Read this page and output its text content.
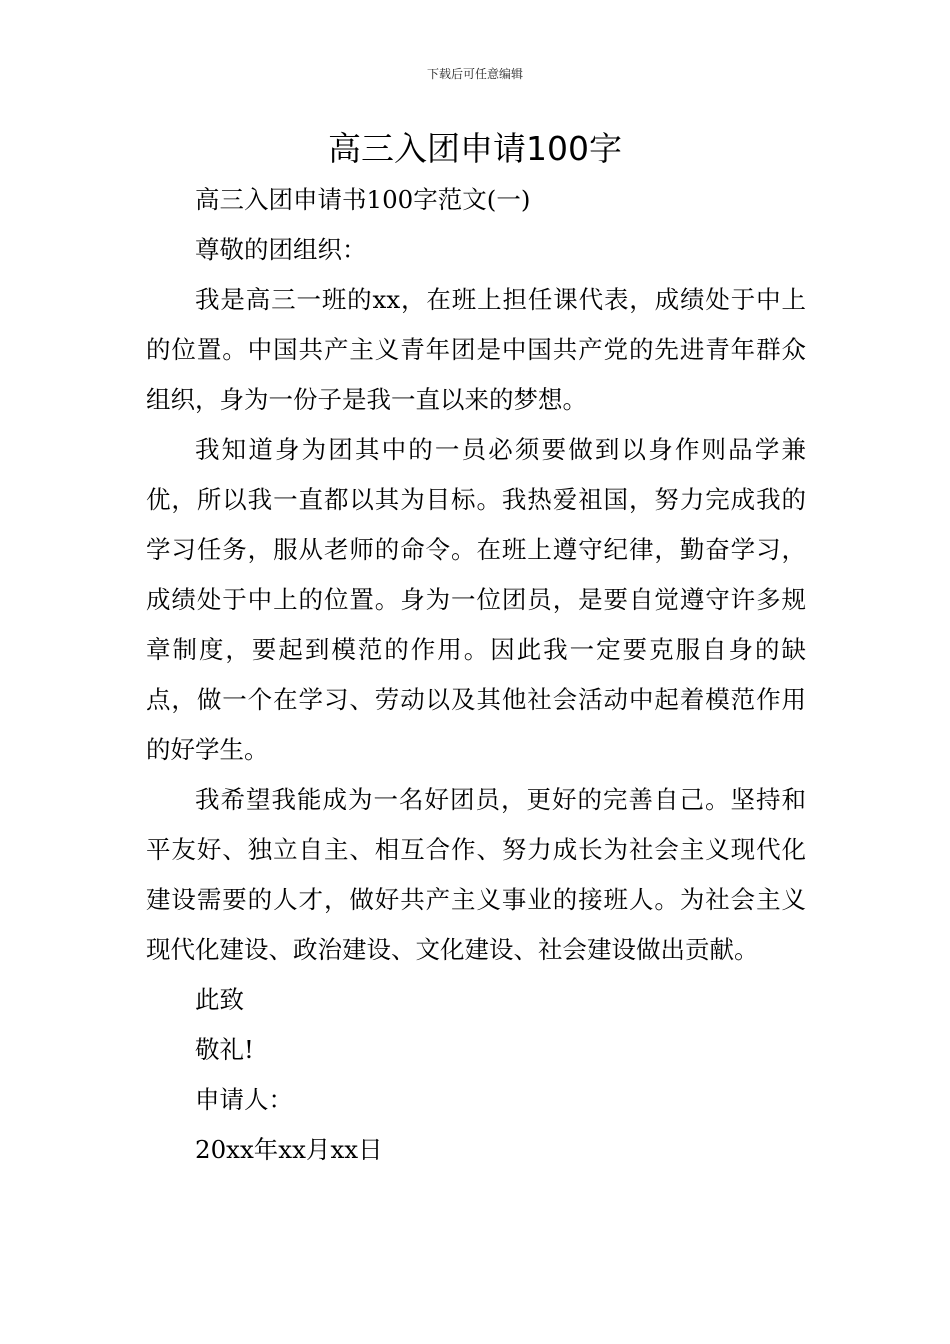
下载后可任意编辑
高三入团申请100字

高三入团申请书100字范文(一)

尊敬的团组织：

我是高三一班的xx，在班上担任课代表，成绩处于中上的位置。中国共产主义青年团是中国共产党的先进青年群众组织，身为一份子是我一直以来的梦想。

我知道身为团其中的一员必须要做到以身作则品学兼优，所以我一直都以其为目标。我热爱祖国，努力完成我的学习任务，服从老师的命令。在班上遵守纪律，勤奋学习，成绩处于中上的位置。身为一位团员，是要自觉遵守许多规章制度，要起到模范的作用。因此我一定要克服自身的缺点，做一个在学习、劳动以及其他社会活动中起着模范作用的好学生。

我希望我能成为一名好团员，更好的完善自己。坚持和平友好、独立自主、相互合作、努力成长为社会主义现代化建设需要的人才，做好共产主义事业的接班人。为社会主义现代化建设、政治建设、文化建设、社会建设做出贡献。

此致

敬礼!

申请人：

20xx年xx月xx日
